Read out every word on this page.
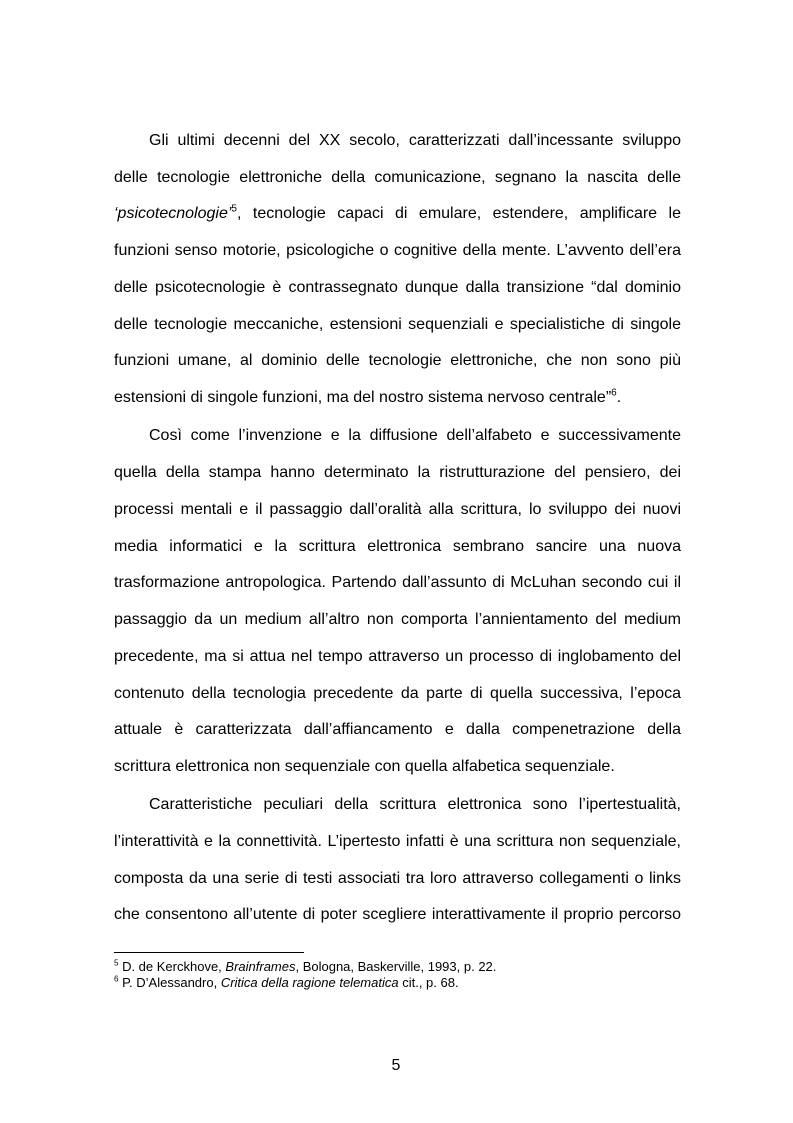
Gli ultimi decenni del XX secolo, caratterizzati dall’incessante sviluppo
delle tecnologie elettroniche della comunicazione, segnano la nascita delle
‘psicotecnologie’$^5$, tecnologie capaci di emulare, estendere, amplificare le
funzioni senso motorie, psicologiche o cognitive della mente. L’avvento dell’era
delle psicotecnologie è contrassegnato dunque dalla transizione “dal dominio
delle tecnologie meccaniche, estensioni sequenziali e specialistiche di singole
funzioni umane, al dominio delle tecnologie elettroniche, che non sono più
estensioni di singole funzioni, ma del nostro sistema nervoso centrale”$^6$.
Così come l’invenzione e la diffusione dell’alfabeto e successivamente
quella della stampa hanno determinato la ristrutturazione del pensiero, dei
processi mentali e il passaggio dall’oralità alla scrittura, lo sviluppo dei nuovi
media informatici e la scrittura elettronica sembrano sancire una nuova
trasformazione antropologica. Partendo dall’assunto di McLuhan secondo cui il
passaggio da un medium all’altro non comporta l’annientamento del medium
precedente, ma si attua nel tempo attraverso un processo di inglobamento del
contenuto della tecnologia precedente da parte di quella successiva, l’epoca
attuale è caratterizzata dall’affiancamento e dalla compenetrazione della
scrittura elettronica non sequenziale con quella alfabetica sequenziale.
Caratteristiche peculiari della scrittura elettronica sono l’ipertestualità,
l’interattività e la connettività. L’ipertesto infatti è una scrittura non sequenziale,
composta da una serie di testi associati tra loro attraverso collegamenti o links
che consentono all’utente di poter scegliere interattivamente il proprio percorso
$^5$ D. de Kerckhove, Brainframes, Bologna, Baskerville, 1993, p. 22.
$^6$ P. D’Alessandro, Critica della ragione telematica cit., p. 68.
5
